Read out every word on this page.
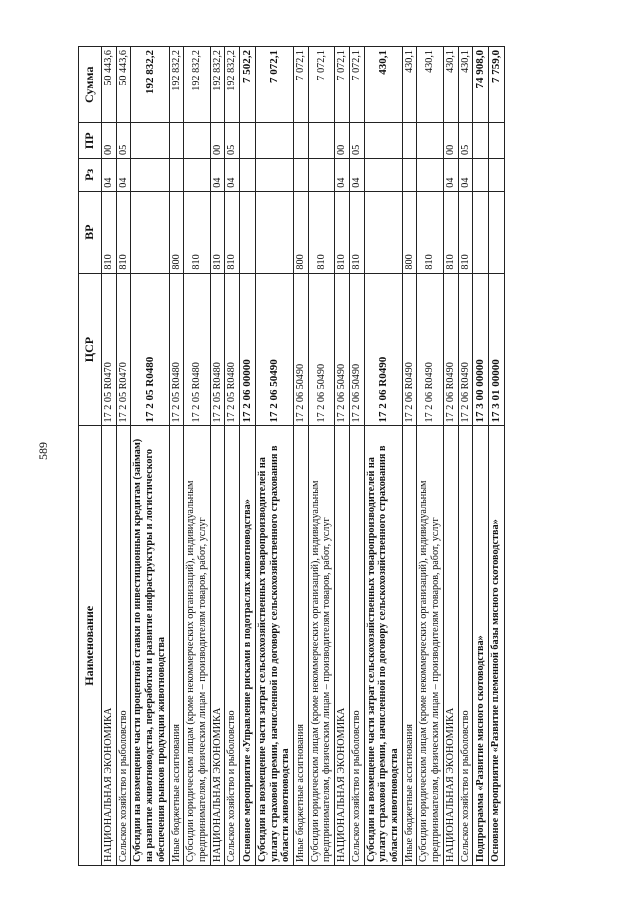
589
Наименование	ЦСР	ВР	Рз	ПР	Сумма
НАЦИОНАЛЬНАЯ ЭКОНОМИКА	17 2 05 R0470	810	04	00	50 443,6
Сельское хозяйство и рыболовство	17 2 05 R0470	810	04	05	50 443,6
Субсидии на возмещение части процентной ставки по инвестиционным кредитам (займам) на развитие животноводства, переработки и развитие инфраструктуры и логистического обеспечения рынков продукции животноводства	17 2 05 R0480				192 832,2
Иные бюджетные ассигнования	17 2 05 R0480	800			192 832,2
Субсидии юридическим лицам (кроме некоммерческих организаций), индивидуальным предпринимателям, физическим лицам – производителям товаров, работ, услуг	17 2 05 R0480	810			192 832,2
НАЦИОНАЛЬНАЯ ЭКОНОМИКА	17 2 05 R0480	810	04	00	192 832,2
Сельское хозяйство и рыболовство	17 2 05 R0480	810	04	05	192 832,2
Основное мероприятие «Управление рисками в подотраслях животноводства»	17 2 06 00000				7 502,2
Субсидии на возмещение части затрат сельскохозяйственных товаропроизводителей на уплату страховой премии, начисленной по договору сельскохозяйственного страхования в области животноводства	17 2 06 50490				7 072,1
Иные бюджетные ассигнования	17 2 06 50490	800			7 072,1
Субсидии юридическим лицам (кроме некоммерческих организаций), индивидуальным предпринимателям, физическим лицам – производителям товаров, работ, услуг	17 2 06 50490	810			7 072,1
НАЦИОНАЛЬНАЯ ЭКОНОМИКА	17 2 06 50490	810	04	00	7 072,1
Сельское хозяйство и рыболовство	17 2 06 50490	810	04	05	7 072,1
Субсидии на возмещение части затрат сельскохозяйственных товаропроизводителей на уплату страховой премии, начисленной по договору сельскохозяйственного страхования в области животноводства	17 2 06 R0490				430,1
Иные бюджетные ассигнования	17 2 06 R0490	800			430,1
Субсидии юридическим лицам (кроме некоммерческих организаций), индивидуальным предпринимателям, физическим лицам – производителям товаров, работ, услуг	17 2 06 R0490	810			430,1
НАЦИОНАЛЬНАЯ ЭКОНОМИКА	17 2 06 R0490	810	04	00	430,1
Сельское хозяйство и рыболовство	17 2 06 R0490	810	04	05	430,1
Подпрограмма «Развитие мясного скотоводства»	17 3 00 00000				74 908,0
Основное мероприятие «Развитие племенной базы мясного скотоводства»	17 3 01 00000				7 759,0
